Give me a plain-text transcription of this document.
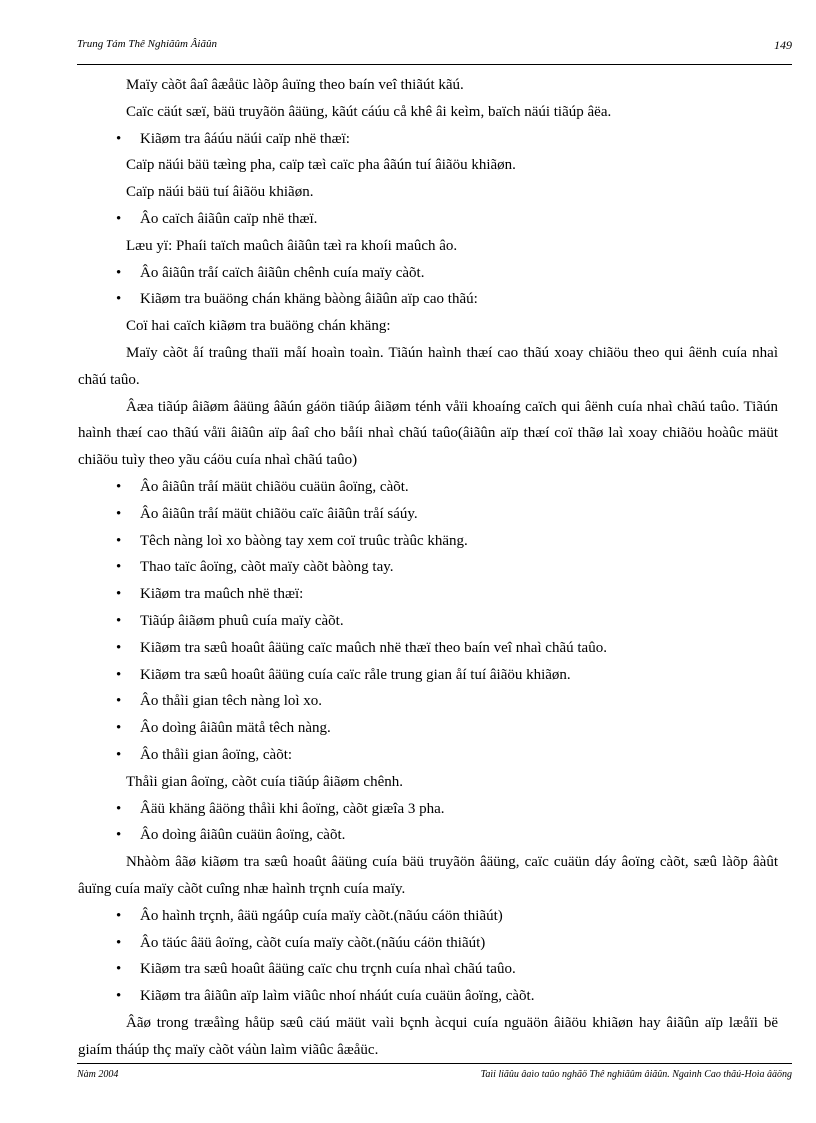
Trung Tám Thê Nghiãûm Âiãûn	149
Maïy càõt âaî âæåüc làõp âuïng theo baín veî thiãút kãú.
Caïc cäút sæï, bäü truyãön âäüng, kãút cáúu cå khê âi keìm, baïch näúi tiãúp âëa.
• Kiãøm tra âáúu näúi caïp nhë thæï:
Caïp näúi bäü tæìng pha, caïp tæì caïc pha âãún tuí âiãöu khiãøn.
Caïp näúi bäü tuí âiãöu khiãøn.
• Âo caïch âiãûn caïp nhë thæï.
Læu yï: Phaíi taïch maûch âiãûn tæì ra khoíi maûch âo.
• Âo âiãûn tråí caïch âiãûn chênh cuía maïy càõt.
• Kiãøm tra buäöng chán khäng bàòng âiãûn aïp cao thãú:
Coï hai caïch kiãøm tra buäöng chán khäng:
Maïy càõt åí traûng thaïi måí hoaìn toaìn. Tiãún haình thæí cao thãú xoay chiãöu theo qui âënh cuía nhaì chãú taûo.
Âæa tiãúp âiãøm âäüng âãún gáön tiãúp âiãøm ténh våïi khoaíng caïch qui âënh cuía nhaì chãú taûo. Tiãún haình thæí cao thãú våïi âiãûn aïp âaî cho båíi nhaì chãú taûo(âiãûn aïp thæí coï thãø laì xoay chiãöu hoàûc mäüt chiãöu tuìy theo yãu cáöu cuía nhaì chãú taûo)
• Âo âiãûn tråí mäüt chiãöu cuäün âoïng, càõt.
• Âo âiãûn tråí mäüt chiãöu caïc âiãûn tråí sáúy.
• Têch nàng loì xo bàòng tay xem coï truûc tràûc khäng.
• Thao taïc âoïng, càõt maïy càõt bàòng tay.
• Kiãøm tra maûch nhë thæï:
• Tiãúp âiãøm phuû cuía maïy càõt.
• Kiãøm tra sæû hoaût âäüng caïc maûch nhë thæï theo baín veî nhaì chãú taûo.
• Kiãøm tra sæû hoaût âäüng cuía caïc råle trung gian åí tuí âiãöu khiãøn.
• Âo thåìi gian têch nàng loì xo.
• Âo doìng âiãûn mätå têch nàng.
• Âo thåìi gian âoïng, càõt:
Thåìi gian âoïng, càõt cuía tiãúp âiãøm chênh.
• Âäü khäng âäöng thåìi khi âoïng, càõt giæîa 3 pha.
• Âo doìng âiãûn cuäün âoïng, càõt.
Nhàòm âãø kiãøm tra sæû hoaût âäüng cuía bäü truyãön âäüng, caïc cuäün dáy âoïng càõt, sæû làõp âàût âuïng cuía maïy càõt cuîng nhæ haình trçnh cuía maïy.
• Âo haình trçnh, âäü ngáûp cuía maïy càõt.(nãúu cáön thiãút)
• Âo täúc âäü âoïng, càõt cuía maïy càõt.(nãúu cáön thiãút)
• Kiãøm tra sæû hoaût âäüng caïc chu trçnh cuía nhaì chãú taûo.
• Kiãøm tra âiãûn aïp laìm viãûc nhoí nháút cuía cuäün âoïng, càõt.
Âãø trong træåìng håüp sæû cäú mäüt vaìi bçnh àcqui cuía nguäön âiãöu khiãøn hay âiãûn aïp læåïi bë giaím tháúp thç maïy càõt váùn laìm viãûc âæåüc.
Nàm 2004	Taìi liãûu âaìo taûo nghãö Thê nghiãûm âiãûn. Ngaình Cao thãú-Hoìa âäöng
